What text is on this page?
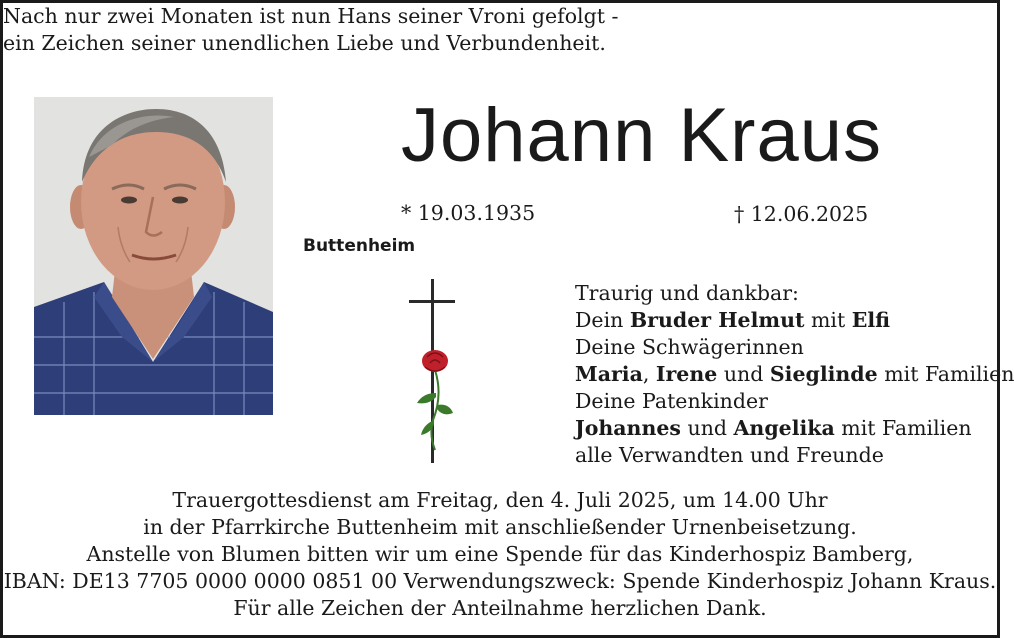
Nach nur zwei Monaten ist nun Hans seiner Vroni gefolgt -
ein Zeichen seiner unendlichen Liebe und Verbundenheit.
Johann Kraus
* 19.03.1935	† 12.06.2025
Buttenheim
Traurig und dankbar:
Dein Bruder Helmut mit Elfi
Deine Schwägerinnen
Maria, Irene und Sieglinde mit Familien
Deine Patenkinder
Johannes und Angelika mit Familien
alle Verwandten und Freunde
Trauergottesdienst am Freitag, den 4. Juli 2025, um 14.00 Uhr
in der Pfarrkirche Buttenheim mit anschließender Urnenbeisetzung.
Anstelle von Blumen bitten wir um eine Spende für das Kinderhospiz Bamberg,
IBAN: DE13 7705 0000 0000 0851 00 Verwendungszweck: Spende Kinderhospiz Johann Kraus.
Für alle Zeichen der Anteilnahme herzlichen Dank.
